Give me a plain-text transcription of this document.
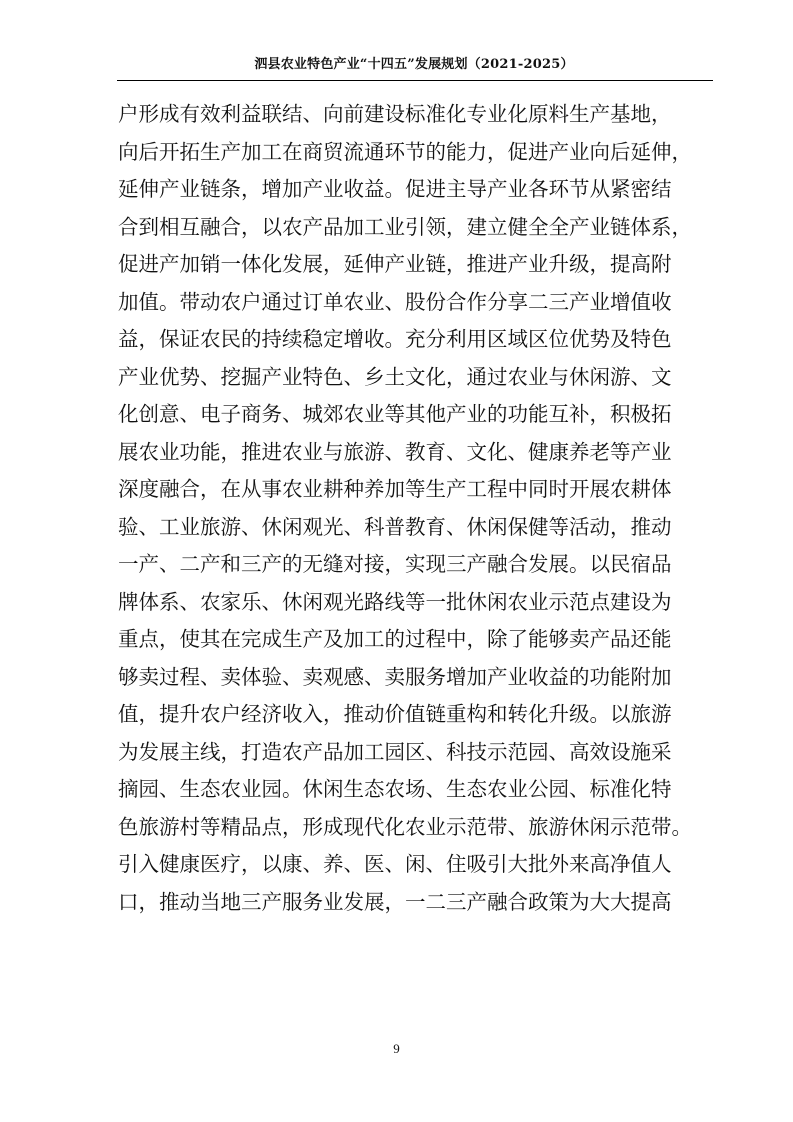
泗县农业特色产业“十四五”发展规划（2021-2025）
户形成有效利益联结、向前建设标准化专业化原料生产基地，
向后开拓生产加工在商贸流通环节的能力，促进产业向后延伸，
延伸产业链条，增加产业收益。促进主导产业各环节从紧密结
合到相互融合，以农产品加工业引领，建立健全全产业链体系，
促进产加销一体化发展，延伸产业链，推进产业升级，提高附
加值。带动农户通过订单农业、股份合作分享二三产业增值收
益，保证农民的持续稳定增收。充分利用区域区位优势及特色
产业优势、挖掘产业特色、乡土文化，通过农业与休闲游、文
化创意、电子商务、城郊农业等其他产业的功能互补，积极拓
展农业功能，推进农业与旅游、教育、文化、健康养老等产业
深度融合，在从事农业耕种养加等生产工程中同时开展农耕体
验、工业旅游、休闲观光、科普教育、休闲保健等活动，推动
一产、二产和三产的无缝对接，实现三产融合发展。以民宿品
牌体系、农家乐、休闲观光路线等一批休闲农业示范点建设为
重点，使其在完成生产及加工的过程中，除了能够卖产品还能
够卖过程、卖体验、卖观感、卖服务增加产业收益的功能附加
值，提升农户经济收入，推动价值链重构和转化升级。以旅游
为发展主线，打造农产品加工园区、科技示范园、高效设施采
摘园、生态农业园。休闲生态农场、生态农业公园、标准化特
色旅游村等精品点，形成现代化农业示范带、旅游休闲示范带。
引入健康医疗，以康、养、医、闲、住吸引大批外来高净值人
口，推动当地三产服务业发展，一二三产融合政策为大大提高
9
